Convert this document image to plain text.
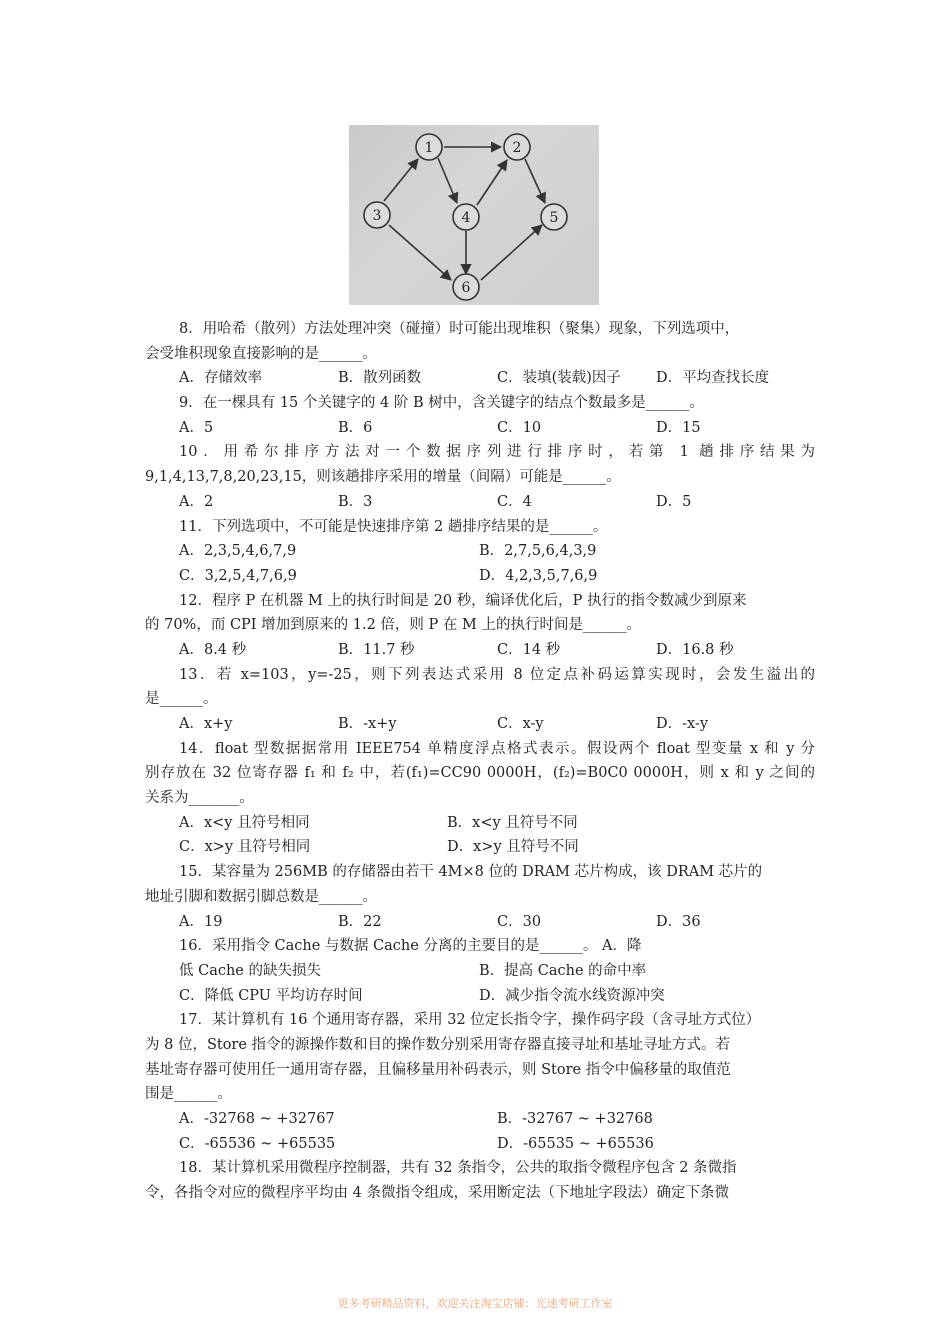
1	2
3	4	5
6
8．用哈希（散列）方法处理冲突（碰撞）时可能出现堆积（聚集）现象，下列选项中，
会受堆积现象直接影响的是______。
A．存储效率	B．散列函数	C．装填(装载)因子	D．平均查找长度
9．在一棵具有 15 个关键字的 4 阶 B 树中，含关键字的结点个数最多是______。
A．5	B．6	C．10	D．15
10．用希尔排序方法对一个数据序列进行排序时，若第 1 趟排序结果为
9,1,4,13,7,8,20,23,15，则该趟排序采用的增量（间隔）可能是______。
A．2	B．3	C．4	D．5
11．下列选项中，不可能是快速排序第 2 趟排序结果的是______。
A．2,3,5,4,6,7,9	B．2,7,5,6,4,3,9
C．3,2,5,4,7,6,9	D．4,2,3,5,7,6,9
12．程序 P 在机器 M 上的执行时间是 20 秒，编译优化后，P 执行的指令数减少到原来
的 70%，而 CPI 增加到原来的 1.2 倍，则 P 在 M 上的执行时间是______。
A．8.4 秒	B．11.7 秒	C．14 秒	D．16.8 秒
13．若 x=103，y=-25，则下列表达式采用 8 位定点补码运算实现时，会发生溢出的
是______。
A．x+y	B．-x+y	C．x-y	D．-x-y
14．float 型数据据常用 IEEE754 单精度浮点格式表示。假设两个 float 型变量 x 和 y 分
别存放在 32 位寄存器 f₁ 和 f₂ 中，若(f₁)=CC90 0000H，(f₂)=B0C0 0000H，则 x 和 y 之间的
关系为_______。
A．x<y 且符号相同	B．x<y 且符号不同
C．x>y 且符号相同	D．x>y 且符号不同
15．某容量为 256MB 的存储器由若干 4M×8 位的 DRAM 芯片构成，该 DRAM 芯片的
地址引脚和数据引脚总数是______。
A．19	B．22	C．30	D．36
16．采用指令 Cache 与数据 Cache 分离的主要目的是______。 A．降
低 Cache 的缺失损失	B．提高 Cache 的命中率
C．降低 CPU 平均访存时间	D．减少指令流水线资源冲突
17．某计算机有 16 个通用寄存器，采用 32 位定长指令字，操作码字段（含寻址方式位）
为 8 位，Store 指令的源操作数和目的操作数分别采用寄存器直接寻址和基址寻址方式。若
基址寄存器可使用任一通用寄存器，且偏移量用补码表示，则 Store 指令中偏移量的取值范
围是______。
A．-32768 ~ +32767	B．-32767 ~ +32768
C．-65536 ~ +65535	D．-65535 ~ +65536
18．某计算机采用微程序控制器，共有 32 条指令，公共的取指令微程序包含 2 条微指
令，各指令对应的微程序平均由 4 条微指令组成，采用断定法（下地址字段法）确定下条微
更多考研精品资料，欢迎关注淘宝店铺：光速考研工作室
